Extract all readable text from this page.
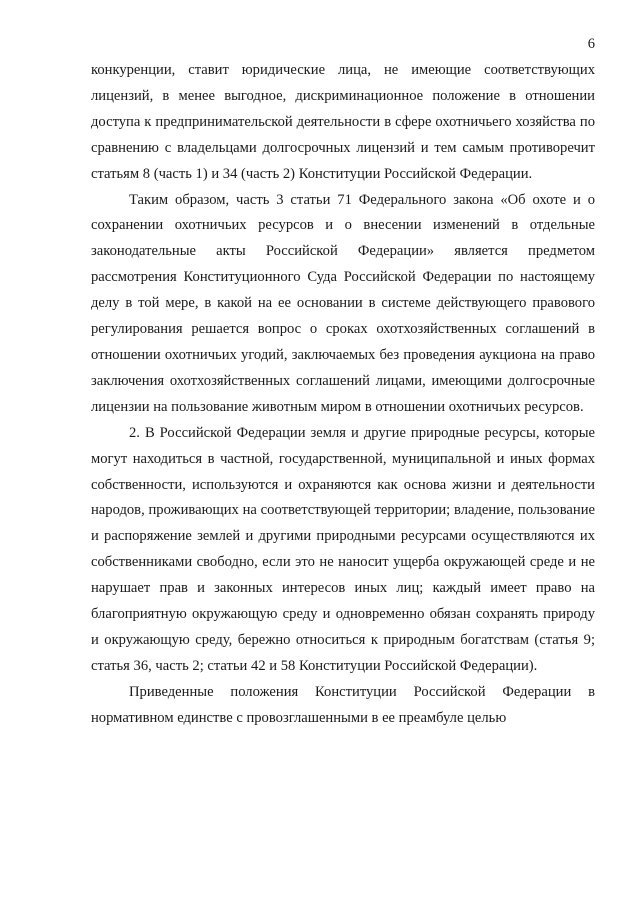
6

конкуренции, ставит юридические лица, не имеющие соответствующих лицензий, в менее выгодное, дискриминационное положение в отношении доступа к предпринимательской деятельности в сфере охотничьего хозяйства по сравнению с владельцами долгосрочных лицензий и тем самым противоречит статьям 8 (часть 1) и 34 (часть 2) Конституции Российской Федерации.

Таким образом, часть 3 статьи 71 Федерального закона «Об охоте и о сохранении охотничьих ресурсов и о внесении изменений в отдельные законодательные акты Российской Федерации» является предметом рассмотрения Конституционного Суда Российской Федерации по настоящему делу в той мере, в какой на ее основании в системе действующего правового регулирования решается вопрос о сроках охотхозяйственных соглашений в отношении охотничьих угодий, заключаемых без проведения аукциона на право заключения охотхозяйственных соглашений лицами, имеющими долгосрочные лицензии на пользование животным миром в отношении охотничьих ресурсов.

2. В Российской Федерации земля и другие природные ресурсы, которые могут находиться в частной, государственной, муниципальной и иных формах собственности, используются и охраняются как основа жизни и деятельности народов, проживающих на соответствующей территории; владение, пользование и распоряжение землей и другими природными ресурсами осуществляются их собственниками свободно, если это не наносит ущерба окружающей среде и не нарушает прав и законных интересов иных лиц; каждый имеет право на благоприятную окружающую среду и одновременно обязан сохранять природу и окружающую среду, бережно относиться к природным богатствам (статья 9; статья 36, часть 2; статьи 42 и 58 Конституции Российской Федерации).

Приведенные положения Конституции Российской Федерации в нормативном единстве с провозглашенными в ее преамбуле целью
